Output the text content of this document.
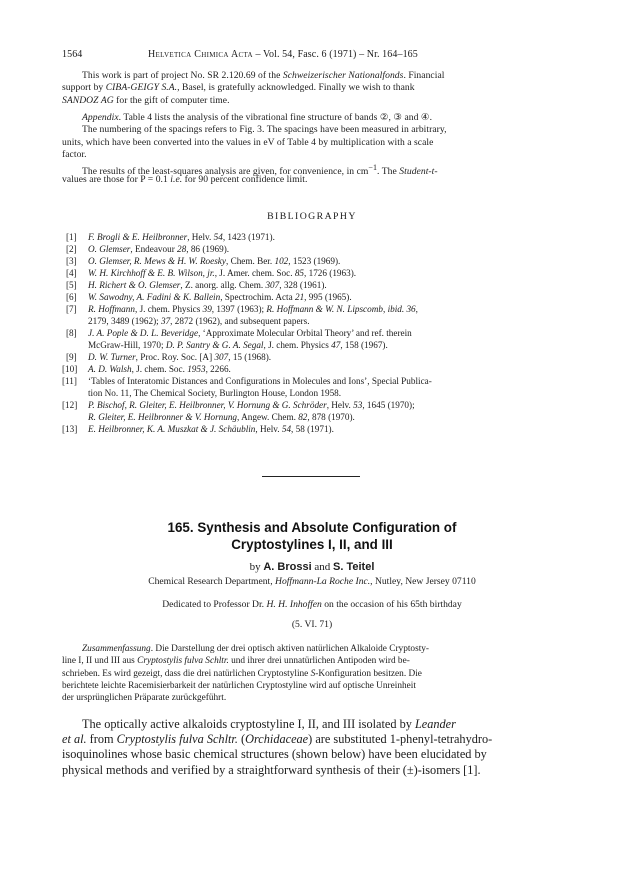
1564	Helvetica Chimica Acta – Vol. 54, Fasc. 6 (1971) – Nr. 164–165
This work is part of project No. SR 2.120.69 of the Schweizerischer Nationalfonds. Financial
support by CIBA-GEIGY S.A., Basel, is gratefully acknowledged. Finally we wish to thank
SANDOZ AG for the gift of computer time.
Appendix. Table 4 lists the analysis of the vibrational fine structure of bands ②, ③ and ④.
The numbering of the spacings refers to Fig. 3. The spacings have been measured in arbitrary,
units, which have been converted into the values in eV of Table 4 by multiplication with a scale
factor.
The results of the least-squares analysis are given, for convenience, in $cm^{-1}$. The Student-t-
values are those for P = 0.1 i.e. for 90 percent confidence limit.
BIBLIOGRAPHY
[1] F. Brogli & E. Heilbronner, Helv. 54, 1423 (1971).
[2] O. Glemser, Endeavour 28, 86 (1969).
[3] O. Glemser, R. Mews & H. W. Roesky, Chem. Ber. 102, 1523 (1969).
[4] W. H. Kirchhoff & E. B. Wilson, jr., J. Amer. chem. Soc. 85, 1726 (1963).
[5] H. Richert & O. Glemser, Z. anorg. allg. Chem. 307, 328 (1961).
[6] W. Sawodny, A. Fadini & K. Ballein, Spectrochim. Acta 21, 995 (1965).
[7] R. Hoffmann, J. chem. Physics 39, 1397 (1963); R. Hoffmann & W. N. Lipscomb, ibid. 36,
2179, 3489 (1962); 37, 2872 (1962), and subsequent papers.
[8] J. A. Pople & D. L. Beveridge, ‘Approximate Molecular Orbital Theory’ and ref. therein
McGraw-Hill, 1970; D. P. Santry & G. A. Segal, J. chem. Physics 47, 158 (1967).
[9] D. W. Turner, Proc. Roy. Soc. [A] 307, 15 (1968).
[10] A. D. Walsh, J. chem. Soc. 1953, 2266.
[11] ‘Tables of Interatomic Distances and Configurations in Molecules and Ions’, Special Publica-
tion No. 11, The Chemical Society, Burlington House, London 1958.
[12] P. Bischof, R. Gleiter, E. Heilbronner, V. Hornung & G. Schröder, Helv. 53, 1645 (1970);
R. Gleiter, E. Heilbronner & V. Hornung, Angew. Chem. 82, 878 (1970).
[13] E. Heilbronner, K. A. Muszkat & J. Schäublin, Helv. 54, 58 (1971).
165. Synthesis and Absolute Configuration of
Cryptostylines I, II, and III
by A. Brossi and S. Teitel
Chemical Research Department, Hoffmann-La Roche Inc., Nutley, New Jersey 07110
Dedicated to Professor Dr. H. H. Inhoffen on the occasion of his 65th birthday
(5. VI. 71)
Zusammenfassung. Die Darstellung der drei optisch aktiven natürlichen Alkaloide Cryptosty-
line I, II und III aus Cryptostylis fulva Schltr. und ihrer drei unnatürlichen Antipoden wird be-
schrieben. Es wird gezeigt, dass die drei natürlichen Cryptostyline S-Konfiguration besitzen. Die
berichtete leichte Racemisierbarkeit der natürlichen Cryptostyline wird auf optische Unreinheit
der ursprünglichen Präparate zurückgeführt.
The optically active alkaloids cryptostyline I, II, and III isolated by Leander
et al. from Cryptostylis fulva Schltr. (Orchidaceae) are substituted 1-phenyl-tetrahydro-
isoquinolines whose basic chemical structures (shown below) have been elucidated by
physical methods and verified by a straightforward synthesis of their (±)-isomers [1].
